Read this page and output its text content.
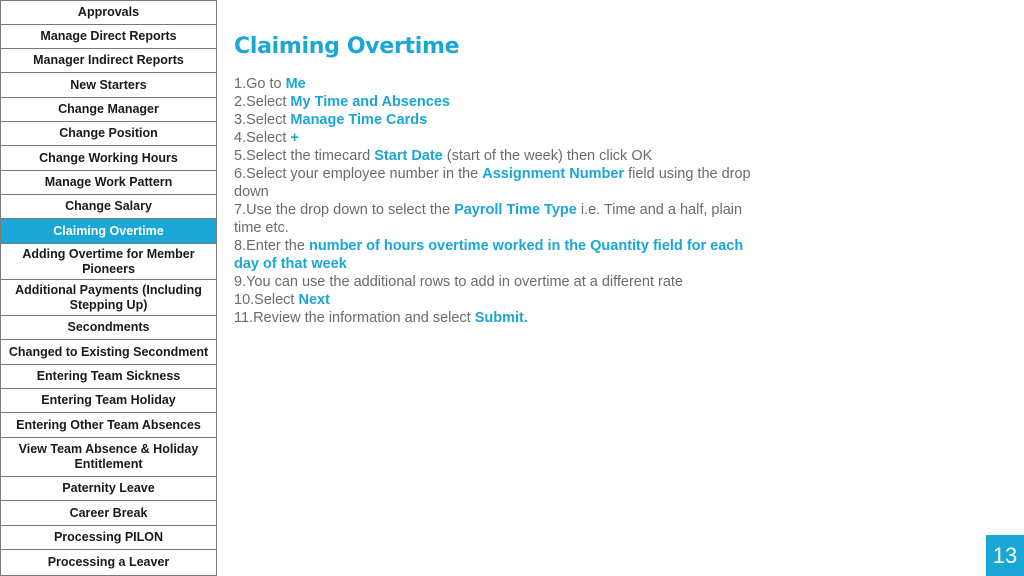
Approvals
Manage Direct Reports
Manager Indirect Reports
New Starters
Change Manager
Change Position
Change Working Hours
Manage Work Pattern
Change Salary
Claiming Overtime
Adding Overtime for Member Pioneers
Additional Payments (Including Stepping Up)
Secondments
Changed to Existing Secondment
Entering Team Sickness
Entering Team Holiday
Entering Other Team Absences
View Team Absence & Holiday Entitlement
Paternity Leave
Career Break
Processing PILON
Processing a Leaver
Claiming Overtime
1.Go to Me
2.Select My Time and Absences
3.Select Manage Time Cards
4.Select +
5.Select the timecard Start Date (start of the week) then click OK
6.Select your employee number in the Assignment Number field using the drop down
7.Use the drop down to select the Payroll Time Type i.e. Time and a half, plain time etc.
8.Enter the number of hours overtime worked in the Quantity field for each day of that week
9.You can use the additional rows to add in overtime at a different rate
10.Select Next
11.Review the information and select Submit.
13
